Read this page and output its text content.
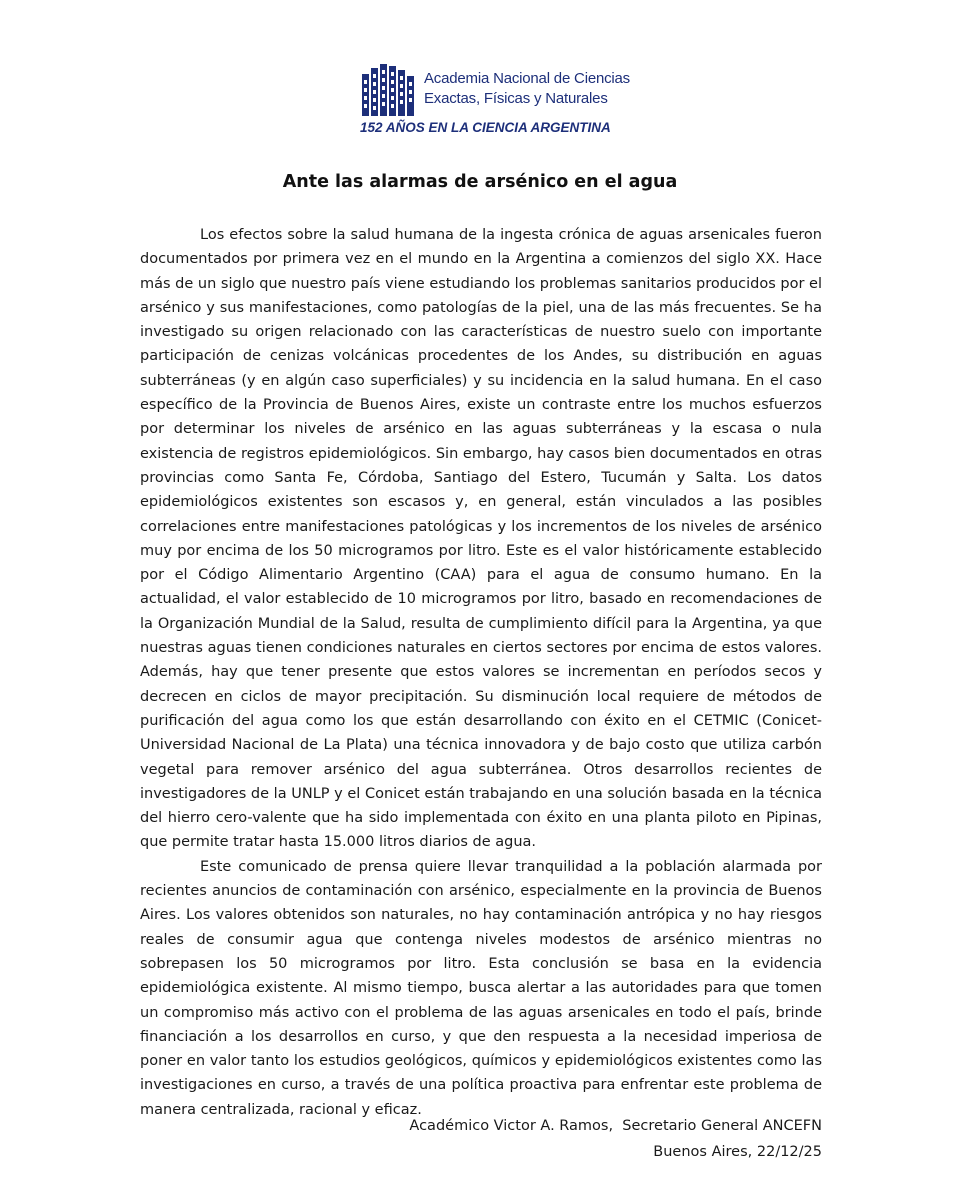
Academia Nacional de Ciencias
Exactas, Físicas y Naturales
152 AÑOS EN LA CIENCIA ARGENTINA
Ante las alarmas de arsénico en el agua

Los efectos sobre la salud humana de la ingesta crónica de aguas arsenicales fueron documentados por primera vez en el mundo en la Argentina a comienzos del siglo XX. Hace más de un siglo que nuestro país viene estudiando los problemas sanitarios producidos por el arsénico y sus manifestaciones, como patologías de la piel, una de las más frecuentes. Se ha investigado su origen relacionado con las características de nuestro suelo con importante participación de cenizas volcánicas procedentes de los Andes, su distribución en aguas subterráneas (y en algún caso superficiales) y su incidencia en la salud humana. En el caso específico de la Provincia de Buenos Aires, existe un contraste entre los muchos esfuerzos por determinar los niveles de arsénico en las aguas subterráneas y la escasa o nula existencia de registros epidemiológicos. Sin embargo, hay casos bien documentados en otras provincias como Santa Fe, Córdoba, Santiago del Estero, Tucumán y Salta. Los datos epidemiológicos existentes son escasos y, en general, están vinculados a las posibles correlaciones entre manifestaciones patológicas y los incrementos de los niveles de arsénico muy por encima de los 50 microgramos por litro. Este es el valor históricamente establecido por el Código Alimentario Argentino (CAA) para el agua de consumo humano. En la actualidad, el valor establecido de 10 microgramos por litro, basado en recomendaciones de la Organización Mundial de la Salud, resulta de cumplimiento difícil para la Argentina, ya que nuestras aguas tienen condiciones naturales en ciertos sectores por encima de estos valores. Además, hay que tener presente que estos valores se incrementan en períodos secos y decrecen en ciclos de mayor precipitación. Su disminución local requiere de métodos de purificación del agua como los que están desarrollando con éxito en el CETMIC (Conicet-Universidad Nacional de La Plata) una técnica innovadora y de bajo costo que utiliza carbón vegetal para remover arsénico del agua subterránea. Otros desarrollos recientes de investigadores de la UNLP y el Conicet están trabajando en una solución basada en la técnica del hierro cero-valente que ha sido implementada con éxito en una planta piloto en Pipinas, que permite tratar hasta 15.000 litros diarios de agua.

Este comunicado de prensa quiere llevar tranquilidad a la población alarmada por recientes anuncios de contaminación con arsénico, especialmente en la provincia de Buenos Aires. Los valores obtenidos son naturales, no hay contaminación antrópica y no hay riesgos reales de consumir agua que contenga niveles modestos de arsénico mientras no sobrepasen los 50 microgramos por litro. Esta conclusión se basa en la evidencia epidemiológica existente. Al mismo tiempo, busca alertar a las autoridades para que tomen un compromiso más activo con el problema de las aguas arsenicales en todo el país, brinde financiación a los desarrollos en curso, y que den respuesta a la necesidad imperiosa de poner en valor tanto los estudios geológicos, químicos y epidemiológicos existentes como las investigaciones en curso, a través de una política proactiva para enfrentar este problema de manera centralizada, racional y eficaz.

Académico Victor A. Ramos,  Secretario General ANCEFN
Buenos Aires, 22/12/25
